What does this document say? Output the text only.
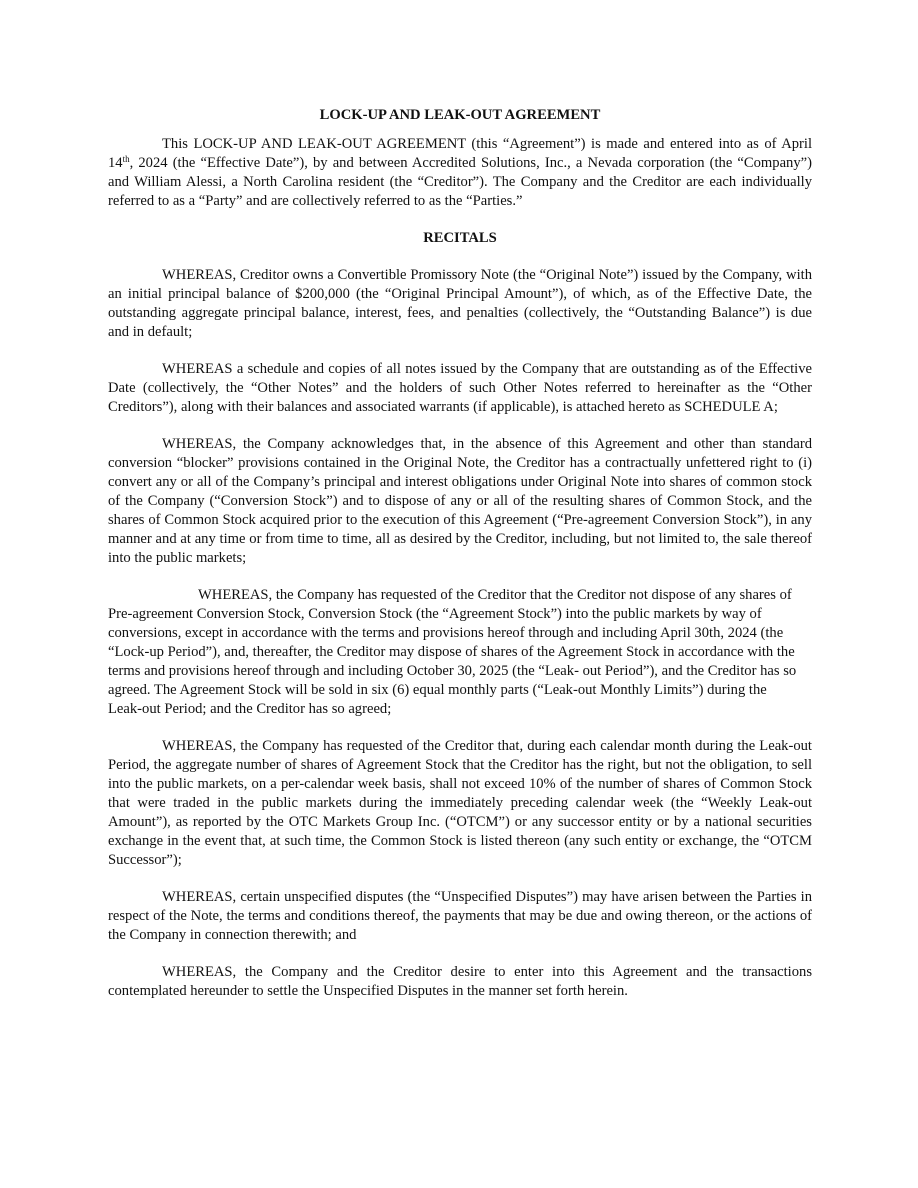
LOCK-UP AND LEAK-OUT AGREEMENT

This LOCK-UP AND LEAK-OUT AGREEMENT (this “Agreement”) is made and entered into as of April 14th, 2024 (the “Effective Date”), by and between Accredited Solutions, Inc., a Nevada corporation (the “Company”) and William Alessi, a North Carolina resident (the “Creditor”). The Company and the Creditor are each individually referred to as a “Party” and are collectively referred to as the “Parties.”

RECITALS

WHEREAS, Creditor owns a Convertible Promissory Note (the “Original Note”) issued by the Company, with an initial principal balance of $200,000 (the “Original Principal Amount”), of which, as of the Effective Date, the outstanding aggregate principal balance, interest, fees, and penalties (collectively, the “Outstanding Balance”) is due and in default;

WHEREAS a schedule and copies of all notes issued by the Company that are outstanding as of the Effective Date (collectively, the “Other Notes” and the holders of such Other Notes referred to hereinafter as the “Other Creditors”), along with their balances and associated warrants (if applicable), is attached hereto as SCHEDULE A;

WHEREAS, the Company acknowledges that, in the absence of this Agreement and other than standard conversion “blocker” provisions contained in the Original Note, the Creditor has a contractually unfettered right to (i) convert any or all of the Company’s principal and interest obligations under Original Note into shares of common stock of the Company (“Conversion Stock”) and to dispose of any or all of the resulting shares of Common Stock, and the shares of Common Stock acquired prior to the execution of this Agreement (“Pre-agreement Conversion Stock”), in any manner and at any time or from time to time, all as desired by the Creditor, including, but not limited to, the sale thereof into the public markets;

WHEREAS, the Company has requested of the Creditor that the Creditor not dispose of any shares of Pre-agreement Conversion Stock, Conversion Stock (the “Agreement Stock”) into the public markets by way of conversions, except in accordance with the terms and provisions hereof through and including April 30th, 2024 (the “Lock-up Period”), and, thereafter, the Creditor may dispose of shares of the Agreement Stock in accordance with the terms and provisions hereof through and including October 30, 2025 (the “Leak- out Period”), and the Creditor has so agreed. The Agreement Stock will be sold in six (6) equal monthly parts (“Leak-out Monthly Limits”) during the Leak-out Period; and the Creditor has so agreed;

WHEREAS, the Company has requested of the Creditor that, during each calendar month during the Leak-out Period, the aggregate number of shares of Agreement Stock that the Creditor has the right, but not the obligation, to sell into the public markets, on a per-calendar week basis, shall not exceed 10% of the number of shares of Common Stock that were traded in the public markets during the immediately preceding calendar week (the “Weekly Leak-out Amount”), as reported by the OTC Markets Group Inc. (“OTCM”) or any successor entity or by a national securities exchange in the event that, at such time, the Common Stock is listed thereon (any such entity or exchange, the “OTCM Successor”);

WHEREAS, certain unspecified disputes (the “Unspecified Disputes”) may have arisen between the Parties in respect of the Note, the terms and conditions thereof, the payments that may be due and owing thereon, or the actions of the Company in connection therewith; and

WHEREAS, the Company and the Creditor desire to enter into this Agreement and the transactions contemplated hereunder to settle the Unspecified Disputes in the manner set forth herein.
